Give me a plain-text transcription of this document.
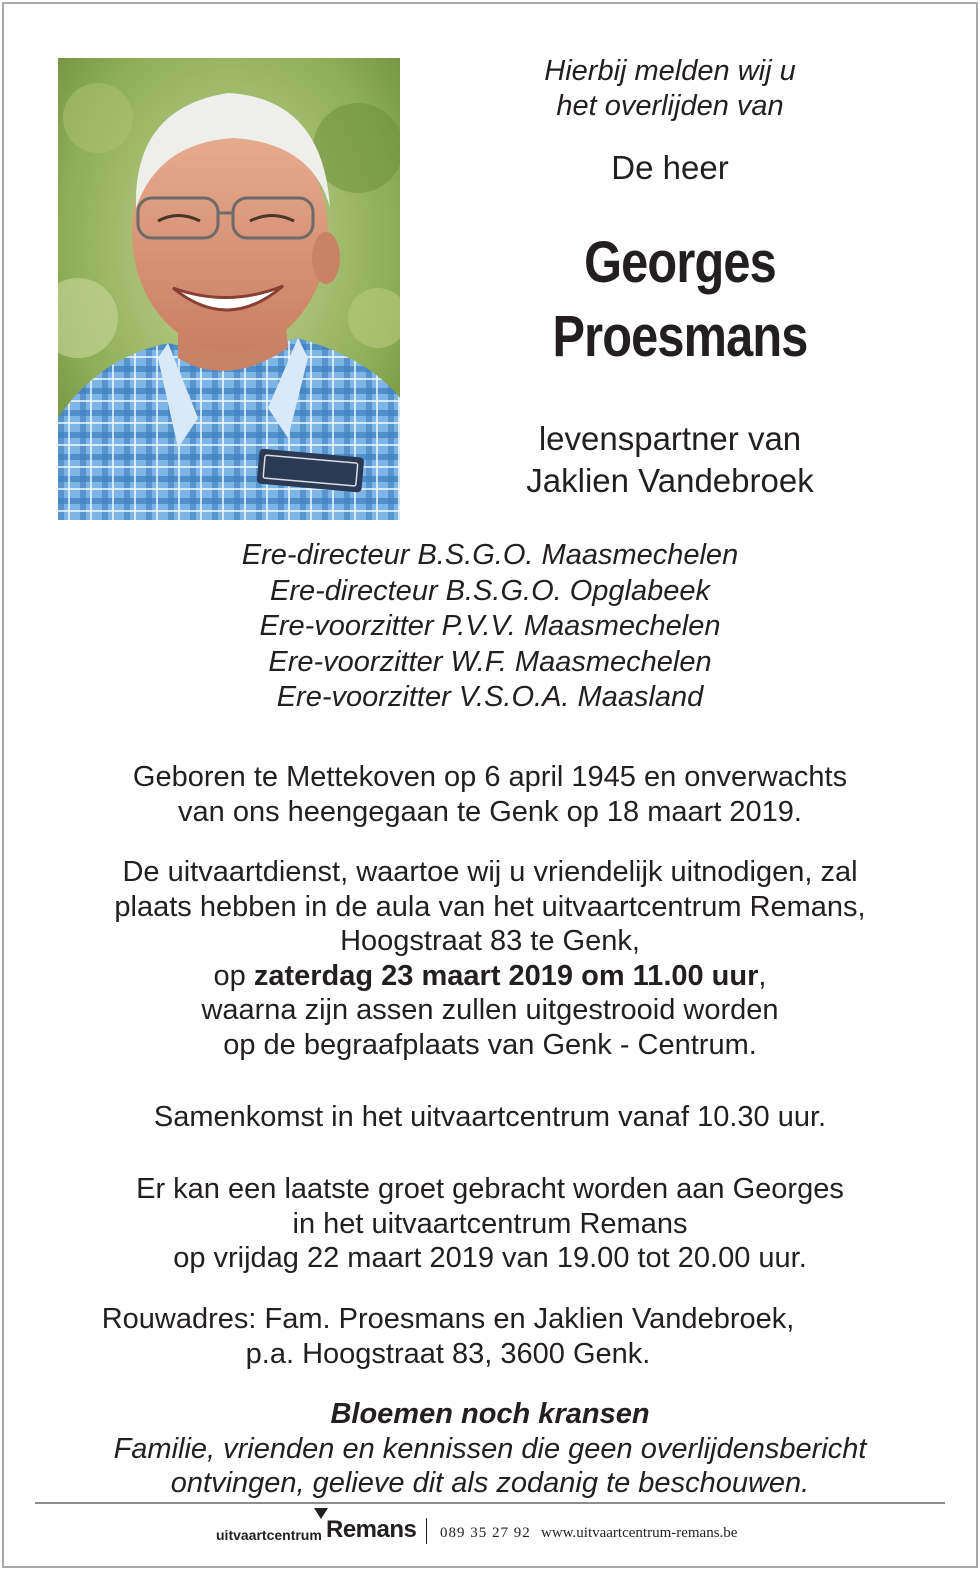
Hierbij melden wij u
het overlijden van
De heer
Georges
Proesmans
levenspartner van
Jaklien Vandebroek
Ere-directeur B.S.G.O. Maasmechelen
Ere-directeur B.S.G.O. Opglabeek
Ere-voorzitter P.V.V. Maasmechelen
Ere-voorzitter W.F. Maasmechelen
Ere-voorzitter V.S.O.A. Maasland
Geboren te Mettekoven op 6 april 1945 en onverwachts
van ons heengegaan te Genk op 18 maart 2019.
De uitvaartdienst, waartoe wij u vriendelijk uitnodigen, zal
plaats hebben in de aula van het uitvaartcentrum Remans,
Hoogstraat 83 te Genk,
op zaterdag 23 maart 2019 om 11.00 uur,
waarna zijn assen zullen uitgestrooid worden
op de begraafplaats van Genk - Centrum.
Samenkomst in het uitvaartcentrum vanaf 10.30 uur.
Er kan een laatste groet gebracht worden aan Georges
in het uitvaartcentrum Remans
op vrijdag 22 maart 2019 van 19.00 tot 20.00 uur.
Rouwadres: Fam. Proesmans en Jaklien Vandebroek,
p.a. Hoogstraat 83, 3600 Genk.
Bloemen noch kransen
Familie, vrienden en kennissen die geen overlijdensbericht
ontvingen, gelieve dit als zodanig te beschouwen.
uitvaartcentrum Remans 089 35 27 92 www.uitvaartcentrum-remans.be
